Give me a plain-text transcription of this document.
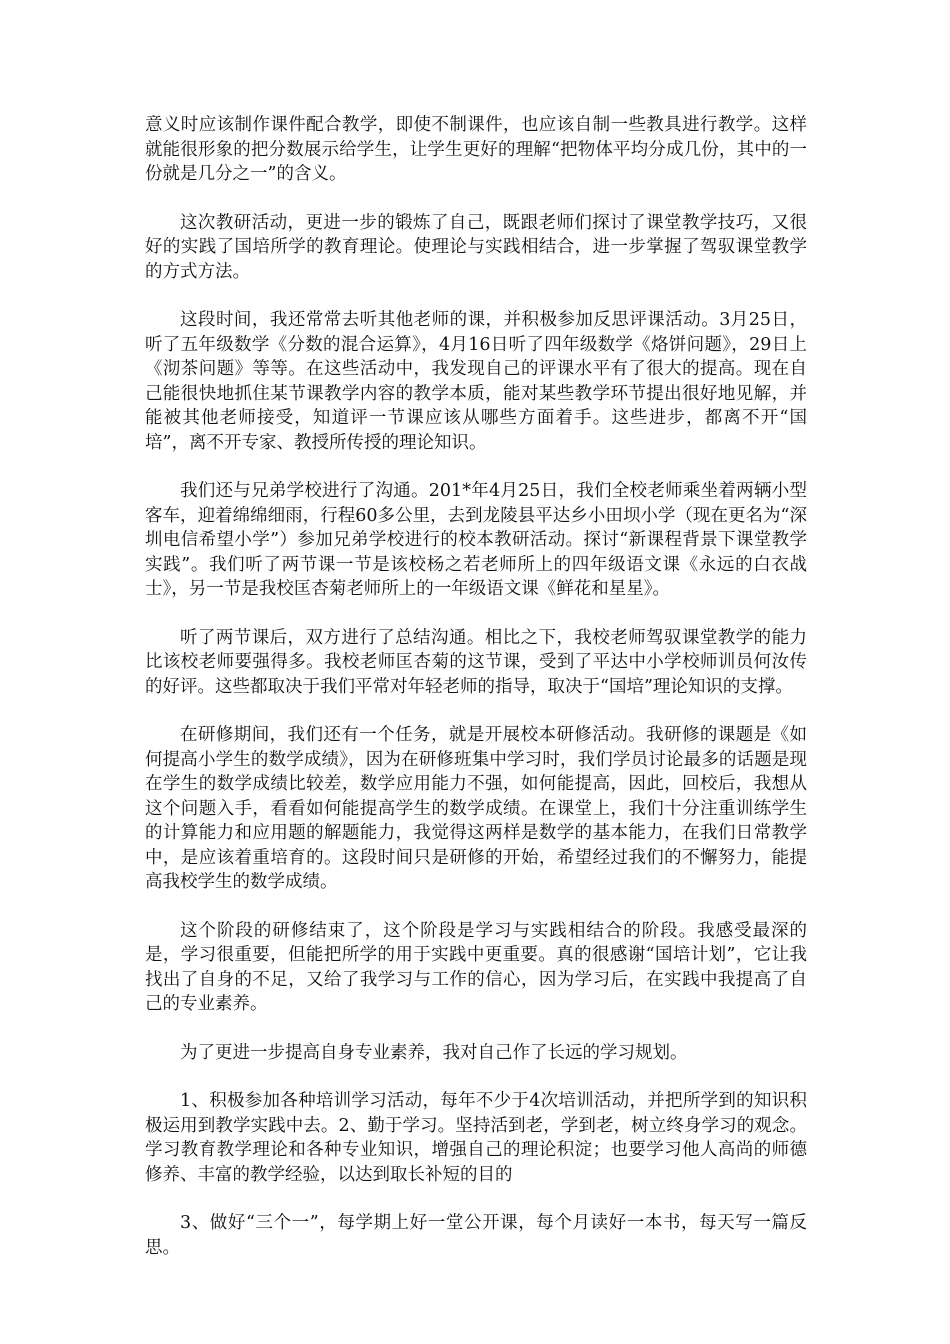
意义时应该制作课件配合教学，即使不制课件，也应该自制一些教具进行教学。这样就能很形象的把分数展示给学生，让学生更好的理解“把物体平均分成几份，其中的一份就是几分之一”的含义。

这次教研活动，更进一步的锻炼了自己，既跟老师们探讨了课堂教学技巧，又很好的实践了国培所学的教育理论。使理论与实践相结合，进一步掌握了驾驭课堂教学的方式方法。

这段时间，我还常常去听其他老师的课，并积极参加反思评课活动。3月25日，听了五年级数学《分数的混合运算》，4月16日听了四年级数学《烙饼问题》，29日上《沏茶问题》等等。在这些活动中，我发现自己的评课水平有了很大的提高。现在自己能很快地抓住某节课教学内容的教学本质，能对某些教学环节提出很好地见解，并能被其他老师接受，知道评一节课应该从哪些方面着手。这些进步，都离不开“国培”，离不开专家、教授所传授的理论知识。

我们还与兄弟学校进行了沟通。201*年4月25日，我们全校老师乘坐着两辆小型客车，迎着绵绵细雨，行程60多公里，去到龙陵县平达乡小田坝小学（现在更名为“深圳电信希望小学”）参加兄弟学校进行的校本教研活动。探讨“新课程背景下课堂教学实践”。我们听了两节课一节是该校杨之若老师所上的四年级语文课《永远的白衣战士》，另一节是我校匡杏菊老师所上的一年级语文课《鲜花和星星》。

听了两节课后，双方进行了总结沟通。相比之下，我校老师驾驭课堂教学的能力比该校老师要强得多。我校老师匡杏菊的这节课，受到了平达中小学校师训员何汝传的好评。这些都取决于我们平常对年轻老师的指导，取决于“国培”理论知识的支撑。

在研修期间，我们还有一个任务，就是开展校本研修活动。我研修的课题是《如何提高小学生的数学成绩》，因为在研修班集中学习时，我们学员讨论最多的话题是现在学生的数学成绩比较差，数学应用能力不强，如何能提高，因此，回校后，我想从这个问题入手，看看如何能提高学生的数学成绩。在课堂上，我们十分注重训练学生的计算能力和应用题的解题能力，我觉得这两样是数学的基本能力，在我们日常教学中，是应该着重培育的。这段时间只是研修的开始，希望经过我们的不懈努力，能提高我校学生的数学成绩。

这个阶段的研修结束了，这个阶段是学习与实践相结合的阶段。我感受最深的是，学习很重要，但能把所学的用于实践中更重要。真的很感谢“国培计划”，它让我找出了自身的不足，又给了我学习与工作的信心，因为学习后，在实践中我提高了自己的专业素养。

为了更进一步提高自身专业素养，我对自己作了长远的学习规划。

1、积极参加各种培训学习活动，每年不少于4次培训活动，并把所学到的知识积极运用到教学实践中去。2、勤于学习。坚持活到老，学到老，树立终身学习的观念。学习教育教学理论和各种专业知识，增强自己的理论积淀；也要学习他人高尚的师德修养、丰富的教学经验，以达到取长补短的目的

3、做好“三个一”，每学期上好一堂公开课，每个月读好一本书，每天写一篇反思。
